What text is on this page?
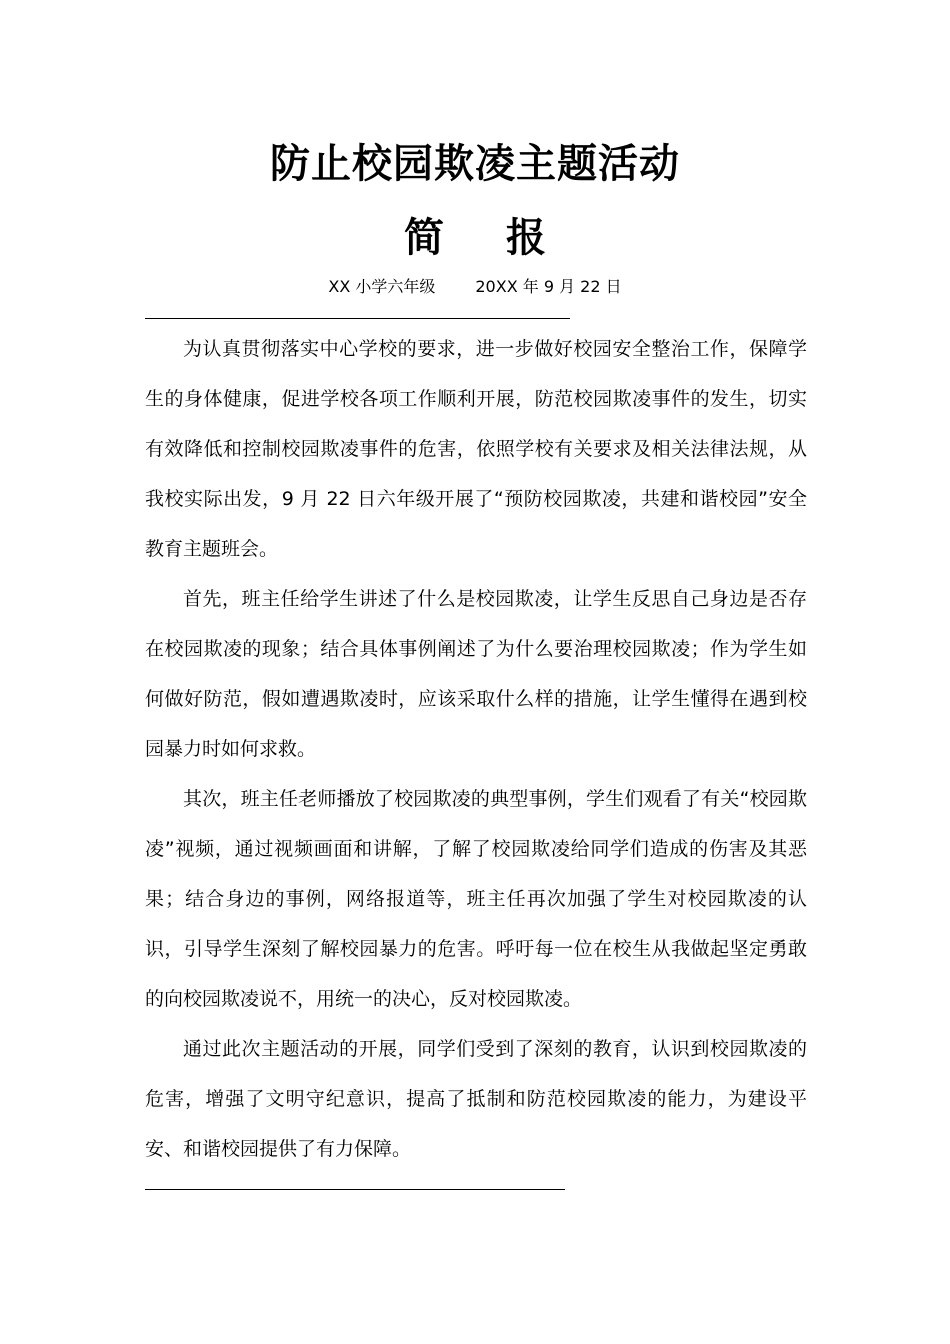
防止校园欺凌主题活动
简 报
XX 小学六年级	20XX 年 9 月 22 日

为认真贯彻落实中心学校的要求，进一步做好校园安全整治工作，保障学生的身体健康，促进学校各项工作顺利开展，防范校园欺凌事件的发生，切实有效降低和控制校园欺凌事件的危害，依照学校有关要求及相关法律法规，从我校实际出发，9 月 22 日六年级开展了“预防校园欺凌，共建和谐校园”安全教育主题班会。

首先，班主任给学生讲述了什么是校园欺凌，让学生反思自己身边是否存在校园欺凌的现象；结合具体事例阐述了为什么要治理校园欺凌；作为学生如何做好防范，假如遭遇欺凌时，应该采取什么样的措施，让学生懂得在遇到校园暴力时如何求救。

其次，班主任老师播放了校园欺凌的典型事例，学生们观看了有关“校园欺凌”视频，通过视频画面和讲解，了解了校园欺凌给同学们造成的伤害及其恶果；结合身边的事例，网络报道等，班主任再次加强了学生对校园欺凌的认识，引导学生深刻了解校园暴力的危害。呼吁每一位在校生从我做起坚定勇敢的向校园欺凌说不，用统一的决心，反对校园欺凌。

通过此次主题活动的开展，同学们受到了深刻的教育，认识到校园欺凌的危害，增强了文明守纪意识，提高了抵制和防范校园欺凌的能力，为建设平安、和谐校园提供了有力保障。
